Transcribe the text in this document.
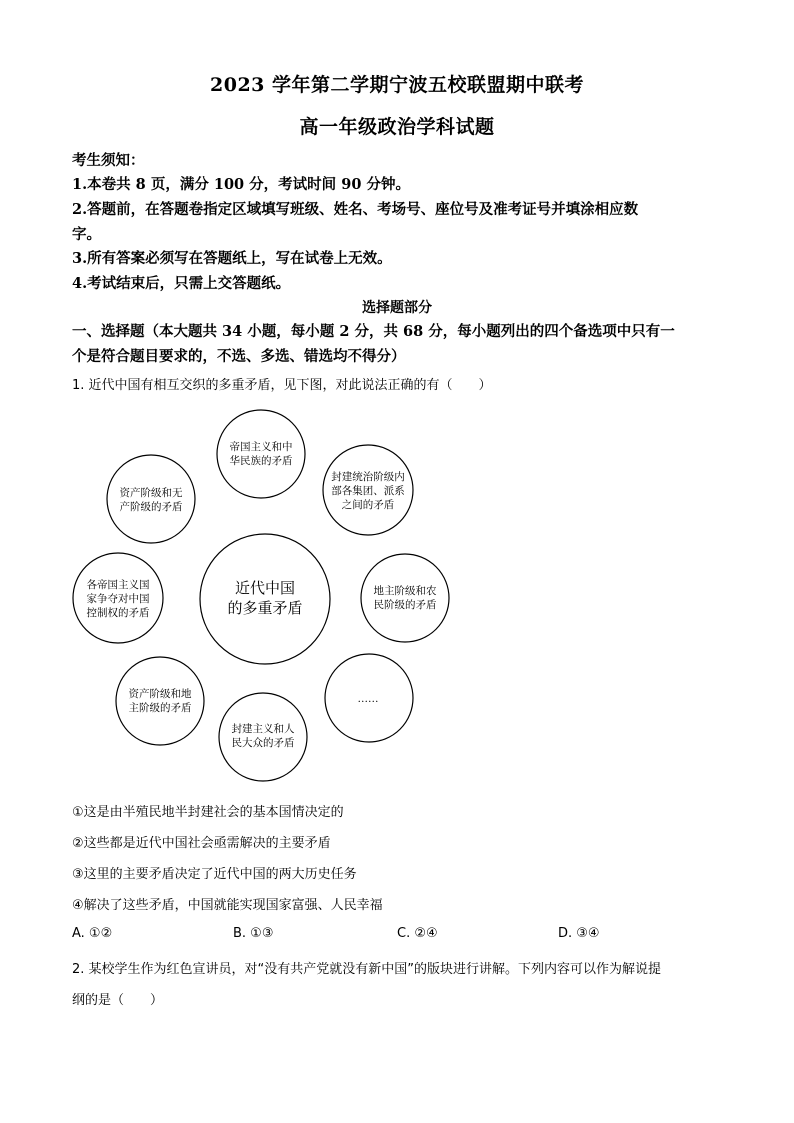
2023 学年第二学期宁波五校联盟期中联考
高一年级政治学科试题
考生须知：
1.本卷共 8 页，满分 100 分，考试时间 90 分钟。
2.答题前，在答题卷指定区域填写班级、姓名、考场号、座位号及准考证号并填涂相应数
字。
3.所有答案必须写在答题纸上，写在试卷上无效。
4.考试结束后，只需上交答题纸。
选择题部分
一、选择题（本大题共 34 小题，每小题 2 分，共 68 分，每小题列出的四个备选项中只有一
个是符合题目要求的，不选、多选、错选均不得分）
1. 近代中国有相互交织的多重矛盾，见下图，对此说法正确的有（　　）
近代中国
的多重矛盾
帝国主义和中
华民族的矛盾
封建统治阶级内
部各集团、派系
之间的矛盾
地主阶级和农
民阶级的矛盾
……
封建主义和人
民大众的矛盾
资产阶级和地
主阶级的矛盾
各帝国主义国
家争夺对中国
控制权的矛盾
资产阶级和无
产阶级的矛盾
①这是由半殖民地半封建社会的基本国情决定的
②这些都是近代中国社会亟需解决的主要矛盾
③这里的主要矛盾决定了近代中国的两大历史任务
④解决了这些矛盾，中国就能实现国家富强、人民幸福
A. ①②	B. ①③	C. ②④	D. ③④
2. 某校学生作为红色宣讲员，对“没有共产党就没有新中国”的版块进行讲解。下列内容可以作为解说提
纲的是（　　）
